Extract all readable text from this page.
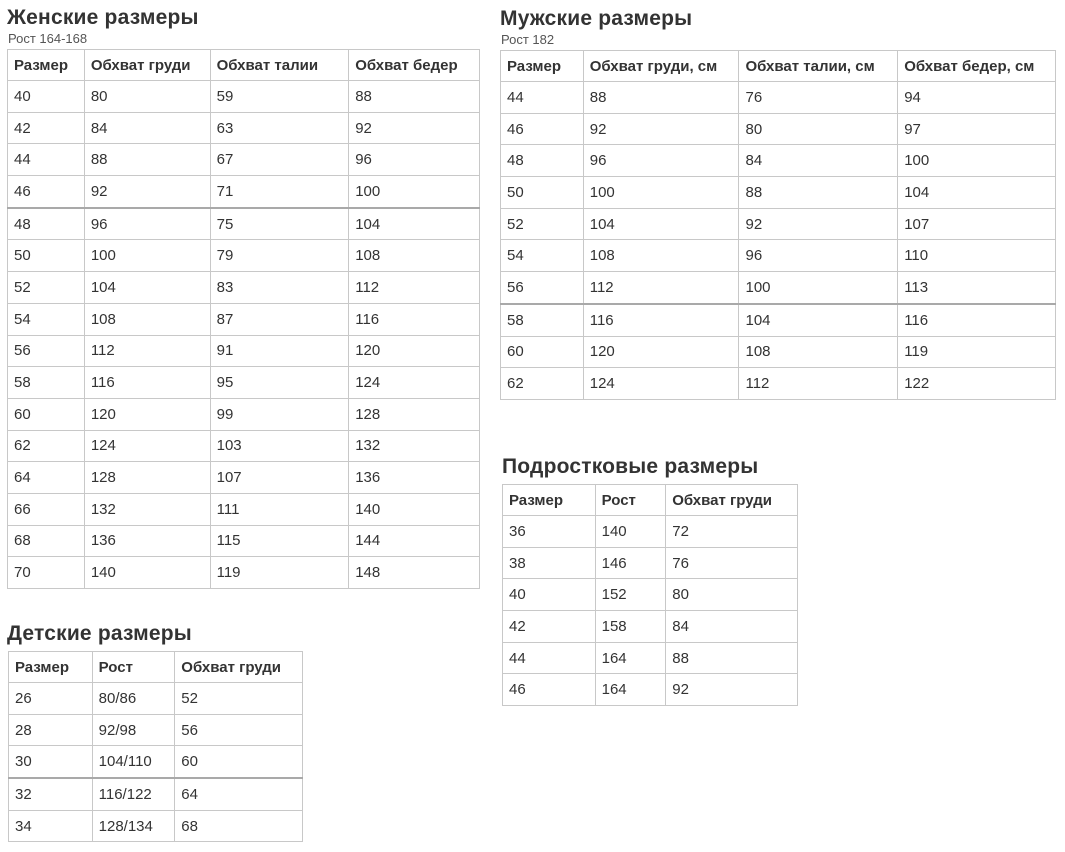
Женские размеры
Рост 164-168
Размер	Обхват груди	Обхват талии	Обхват бедер
40	80	59	88
42	84	63	92
44	88	67	96
46	92	71	100
48	96	75	104
50	100	79	108
52	104	83	112
54	108	87	116
56	112	91	120
58	116	95	124
60	120	99	128
62	124	103	132
64	128	107	136
66	132	111	140
68	136	115	144
70	140	119	148
Мужские размеры
Рост 182
Размер	Обхват груди, см	Обхват талии, см	Обхват бедер, см
44	88	76	94
46	92	80	97
48	96	84	100
50	100	88	104
52	104	92	107
54	108	96	110
56	112	100	113
58	116	104	116
60	120	108	119
62	124	112	122
Подростковые размеры
Размер	Рост	Обхват груди
36	140	72
38	146	76
40	152	80
42	158	84
44	164	88
46	164	92
Детские размеры
Размер	Рост	Обхват груди
26	80/86	52
28	92/98	56
30	104/110	60
32	116/122	64
34	128/134	68
